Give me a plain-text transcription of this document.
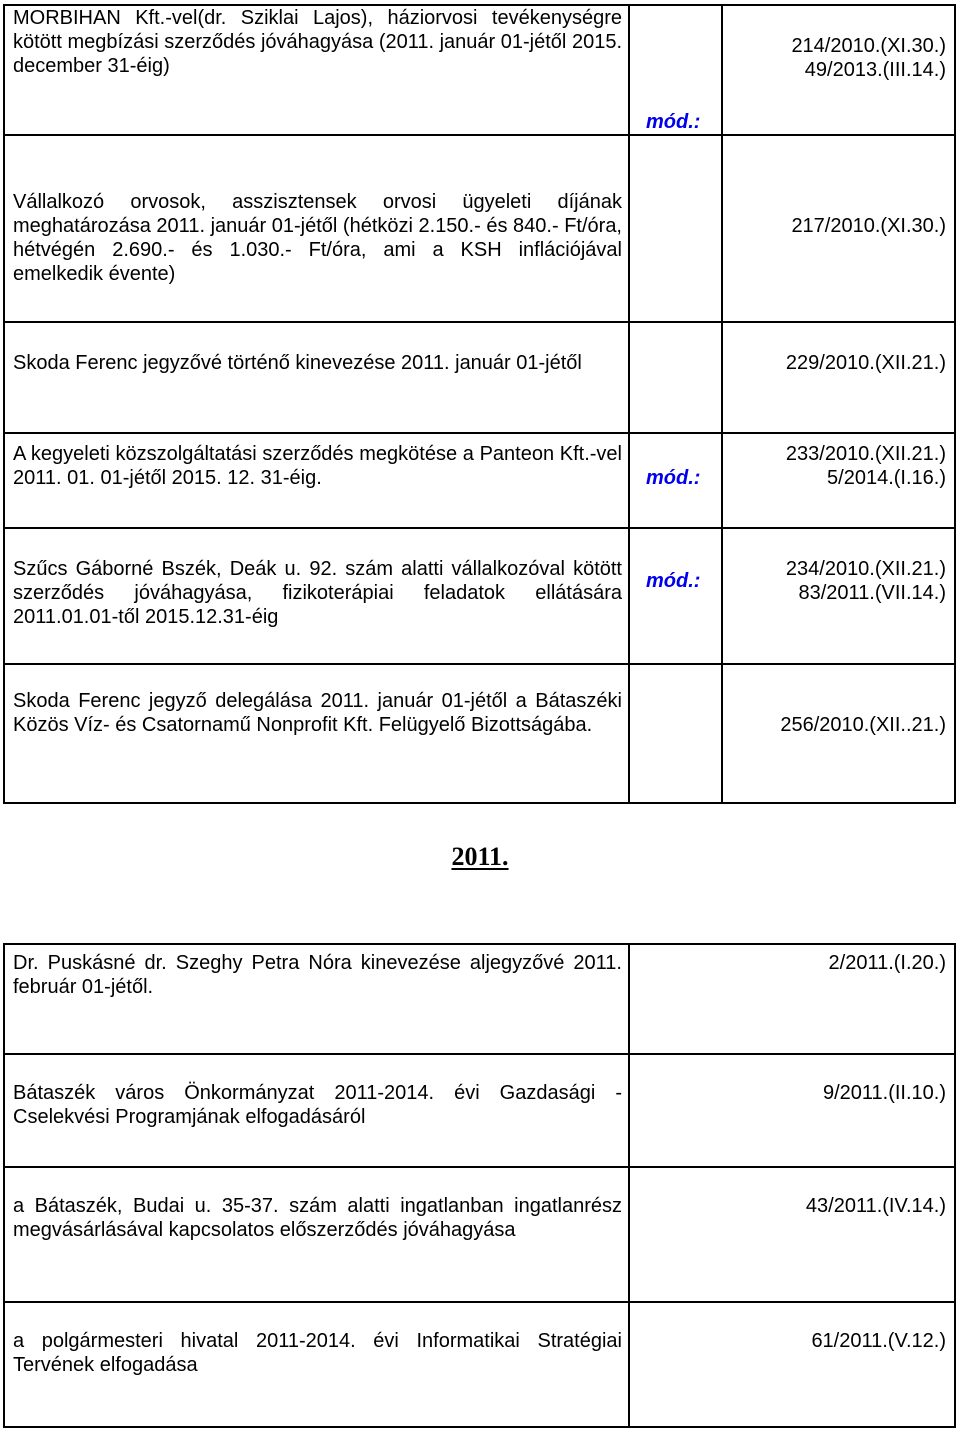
MORBIHAN Kft.-vel(dr. Sziklai Lajos), háziorvosi tevékenységre kötött megbízási szerződés jóváhagyása (2011. január 01-jétől 2015. december 31-éig)	mód.:	214/2010.(XI.30.)
49/2013.(III.14.)

Vállalkozó orvosok, asszisztensek orvosi ügyeleti díjának meghatározása 2011. január 01-jétől (hétközi 2.150.- és 840.- Ft/óra, hétvégén 2.690.- és 1.030.- Ft/óra, ami a KSH inflációjával emelkedik évente)		217/2010.(XI.30.)

Skoda Ferenc jegyzővé történő kinevezése 2011. január 01-jétől		229/2010.(XII.21.)

A kegyeleti közszolgáltatási szerződés megkötése a Panteon Kft.-vel 2011. 01. 01-jétől 2015. 12. 31-éig.	mód.:	233/2010.(XII.21.)
5/2014.(I.16.)

Szűcs Gáborné Bszék, Deák u. 92. szám alatti vállalkozóval kötött szerződés jóváhagyása, fizikoterápiai feladatok ellátására 2011.01.01-től 2015.12.31-éig	mód.:	234/2010.(XII.21.)
83/2011.(VII.14.)

Skoda Ferenc jegyző delegálása 2011. január 01-jétől a Bátaszéki Közös Víz- és Csatornamű Nonprofit Kft. Felügyelő Bizottságába.		256/2010.(XII..21.)
2011.
Dr. Puskásné dr. Szeghy Petra Nóra kinevezése aljegyzővé 2011. február 01-jétől.	2/2011.(I.20.)

Bátaszék város Önkormányzat 2011-2014. évi Gazdasági - Cselekvési Programjának elfogadásáról	9/2011.(II.10.)

a Bátaszék, Budai u. 35-37. szám alatti ingatlanban ingatlanrész megvásárlásával kapcsolatos előszerződés jóváhagyása	43/2011.(IV.14.)

a polgármesteri hivatal 2011-2014. évi Informatikai Stratégiai Tervének elfogadása	61/2011.(V.12.)
